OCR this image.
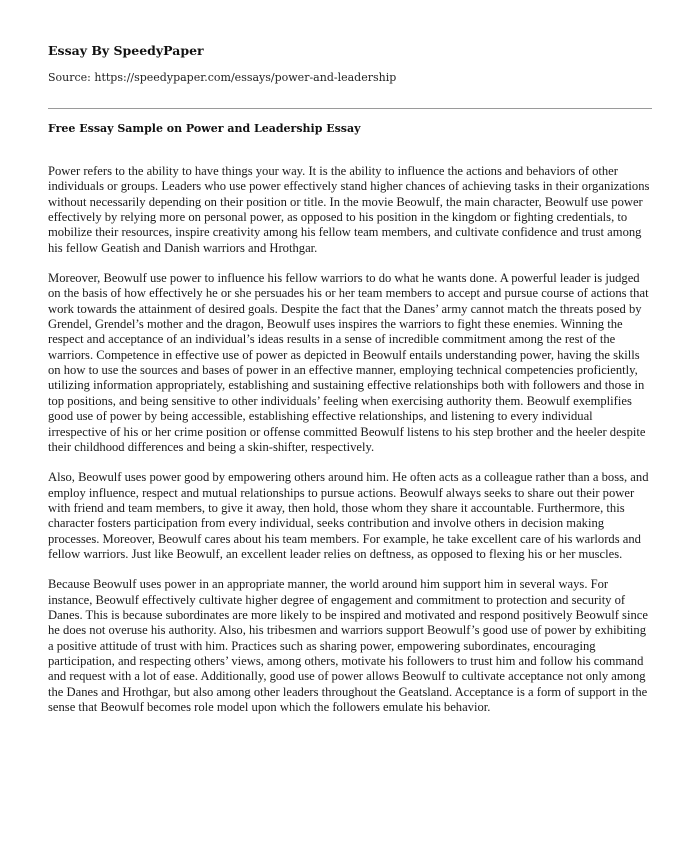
Essay By SpeedyPaper
Source: https://speedypaper.com/essays/power-and-leadership
Free Essay Sample on Power and Leadership Essay

Power refers to the ability to have things your way. It is the ability to influence the actions and behaviors of other individuals or groups. Leaders who use power effectively stand higher chances of achieving tasks in their organizations without necessarily depending on their position or title. In the movie Beowulf, the main character, Beowulf use power effectively by relying more on personal power, as opposed to his position in the kingdom or fighting credentials, to mobilize their resources, inspire creativity among his fellow team members, and cultivate confidence and trust among his fellow Geatish and Danish warriors and Hrothgar.

Moreover, Beowulf use power to influence his fellow warriors to do what he wants done. A powerful leader is judged on the basis of how effectively he or she persuades his or her team members to accept and pursue course of actions that work towards the attainment of desired goals. Despite the fact that the Danes’ army cannot match the threats posed by Grendel, Grendel’s mother and the dragon, Beowulf uses inspires the warriors to fight these enemies. Winning the respect and acceptance of an individual’s ideas results in a sense of incredible commitment among the rest of the warriors. Competence in effective use of power as depicted in Beowulf entails understanding power, having the skills on how to use the sources and bases of power in an effective manner, employing technical competencies proficiently, utilizing information appropriately, establishing and sustaining effective relationships both with followers and those in top positions, and being sensitive to other individuals’ feeling when exercising authority them. Beowulf exemplifies good use of power by being accessible, establishing effective relationships, and listening to every individual irrespective of his or her crime position or offense committed Beowulf listens to his step brother and the heeler despite their childhood differences and being a skin-shifter, respectively.

Also, Beowulf uses power good by empowering others around him. He often acts as a colleague rather than a boss, and employ influence, respect and mutual relationships to pursue actions. Beowulf always seeks to share out their power with friend and team members, to give it away, then hold, those whom they share it accountable. Furthermore, this character fosters participation from every individual, seeks contribution and involve others in decision making processes. Moreover, Beowulf cares about his team members. For example, he take excellent care of his warlords and fellow warriors. Just like Beowulf, an excellent leader relies on deftness, as opposed to flexing his or her muscles.

Because Beowulf uses power in an appropriate manner, the world around him support him in several ways. For instance, Beowulf effectively cultivate higher degree of engagement and commitment to protection and security of Danes. This is because subordinates are more likely to be inspired and motivated and respond positively Beowulf since he does not overuse his authority. Also, his tribesmen and warriors support Beowulf’s good use of power by exhibiting a positive attitude of trust with him. Practices such as sharing power, empowering subordinates, encouraging participation, and respecting others’ views, among others, motivate his followers to trust him and follow his command and request with a lot of ease. Additionally, good use of power allows Beowulf to cultivate acceptance not only among the Danes and Hrothgar, but also among other leaders throughout the Geatsland. Acceptance is a form of support in the sense that Beowulf becomes role model upon which the followers emulate his behavior.
